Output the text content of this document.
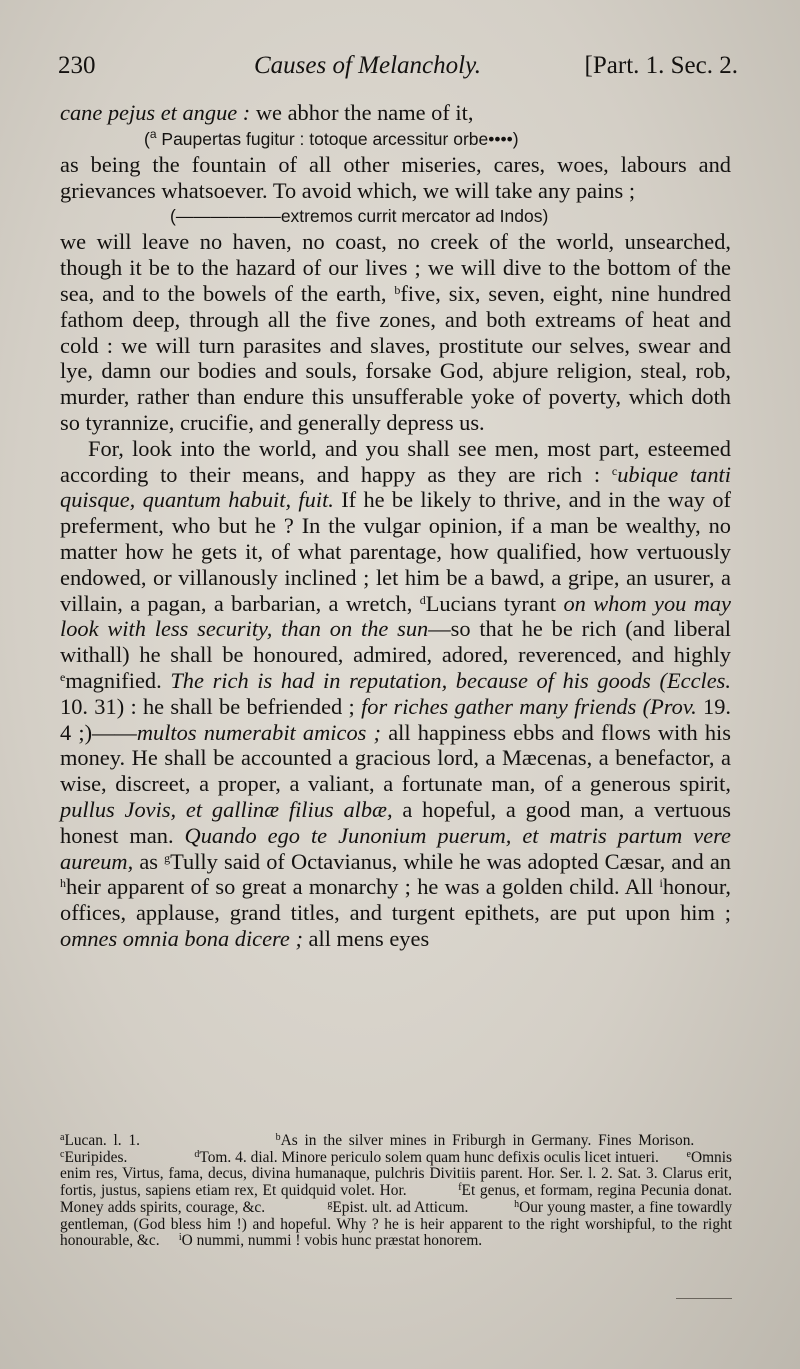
230	Causes of Melancholy.	[Part. 1. Sec. 2.

cane pejus et angue : we abhor the name of it,

($^a$ Paupertas fugitur : totoque arcessitur orbe••••)

as being the fountain of all other miseries, cares, woes, labours and grievances whatsoever. To avoid which, we will take any pains ;

(——————extremos currit mercator ad Indos)

we will leave no haven, no coast, no creek of the world, unsearched, though it be to the hazard of our lives ; we will dive to the bottom of the sea, and to the bowels of the earth, $^b$five, six, seven, eight, nine hundred fathom deep, through all the five zones, and both extreams of heat and cold : we will turn parasites and slaves, prostitute our selves, swear and lye, damn our bodies and souls, forsake God, abjure religion, steal, rob, murder, rather than endure this unsufferable yoke of poverty, which doth so tyrannize, crucifie, and generally depress us.

For, look into the world, and you shall see men, most part, esteemed according to their means, and happy as they are rich : $^c$ubique tanti quisque, quantum habuit, fuit. If he be likely to thrive, and in the way of preferment, who but he ? In the vulgar opinion, if a man be wealthy, no matter how he gets it, of what parentage, how qualified, how vertuously endowed, or villanously inclined ; let him be a bawd, a gripe, an usurer, a villain, a pagan, a barbarian, a wretch, $^d$Lucians tyrant on whom you may look with less security, than on the sun—so that he be rich (and liberal withall) he shall be honoured, admired, adored, reverenced, and highly $^e$magnified. The rich is had in reputation, because of his goods (Eccles. 10. 31) : he shall be befriended ; for riches gather many friends (Prov. 19. 4 ;)——multos numerabit amicos ; all happiness ebbs and flows with his money. He shall be accounted a gracious lord, a Mæcenas, a benefactor, a wise, discreet, a proper, a valiant, a fortunate man, of a generous spirit, pullus Jovis, et gallinæ filius albæ, a hopeful, a good man, a vertuous honest man. Quando ego te Junonium puerum, et matris partum vere aureum, as $^g$Tully said of Octavianus, while he was adopted Cæsar, and an $^h$heir apparent of so great a monarchy ; he was a golden child. All $^i$honour, offices, applause, grand titles, and turgent epithets, are put upon him ; omnes omnia bona dicere ; all mens eyes

$^a$Lucan. l. 1.	$^b$As in the silver mines in Friburgh in Germany. Fines Morison.       $^c$Euripides.	$^d$Tom. 4. dial. Minore periculo solem quam hunc defixis oculis licet intueri.	$^e$Omnis enim res, Virtus, fama, decus, divina humanaque, pulchris Divitiis parent. Hor. Ser. l. 2. Sat. 3. Clarus erit, fortis, justus, sapiens etiam rex, Et quidquid volet. Hor.	$^f$Et genus, et formam, regina Pecunia donat. Money adds spirits, courage, &c.	$^g$Epist. ult. ad Atticum.	$^h$Our young master, a fine towardly gentleman, (God bless him !) and hopeful. Why ? he is heir apparent to the right worshipful, to the right honourable, &c. $^i$O nummi, nummi ! vobis hunc præstat honorem.
